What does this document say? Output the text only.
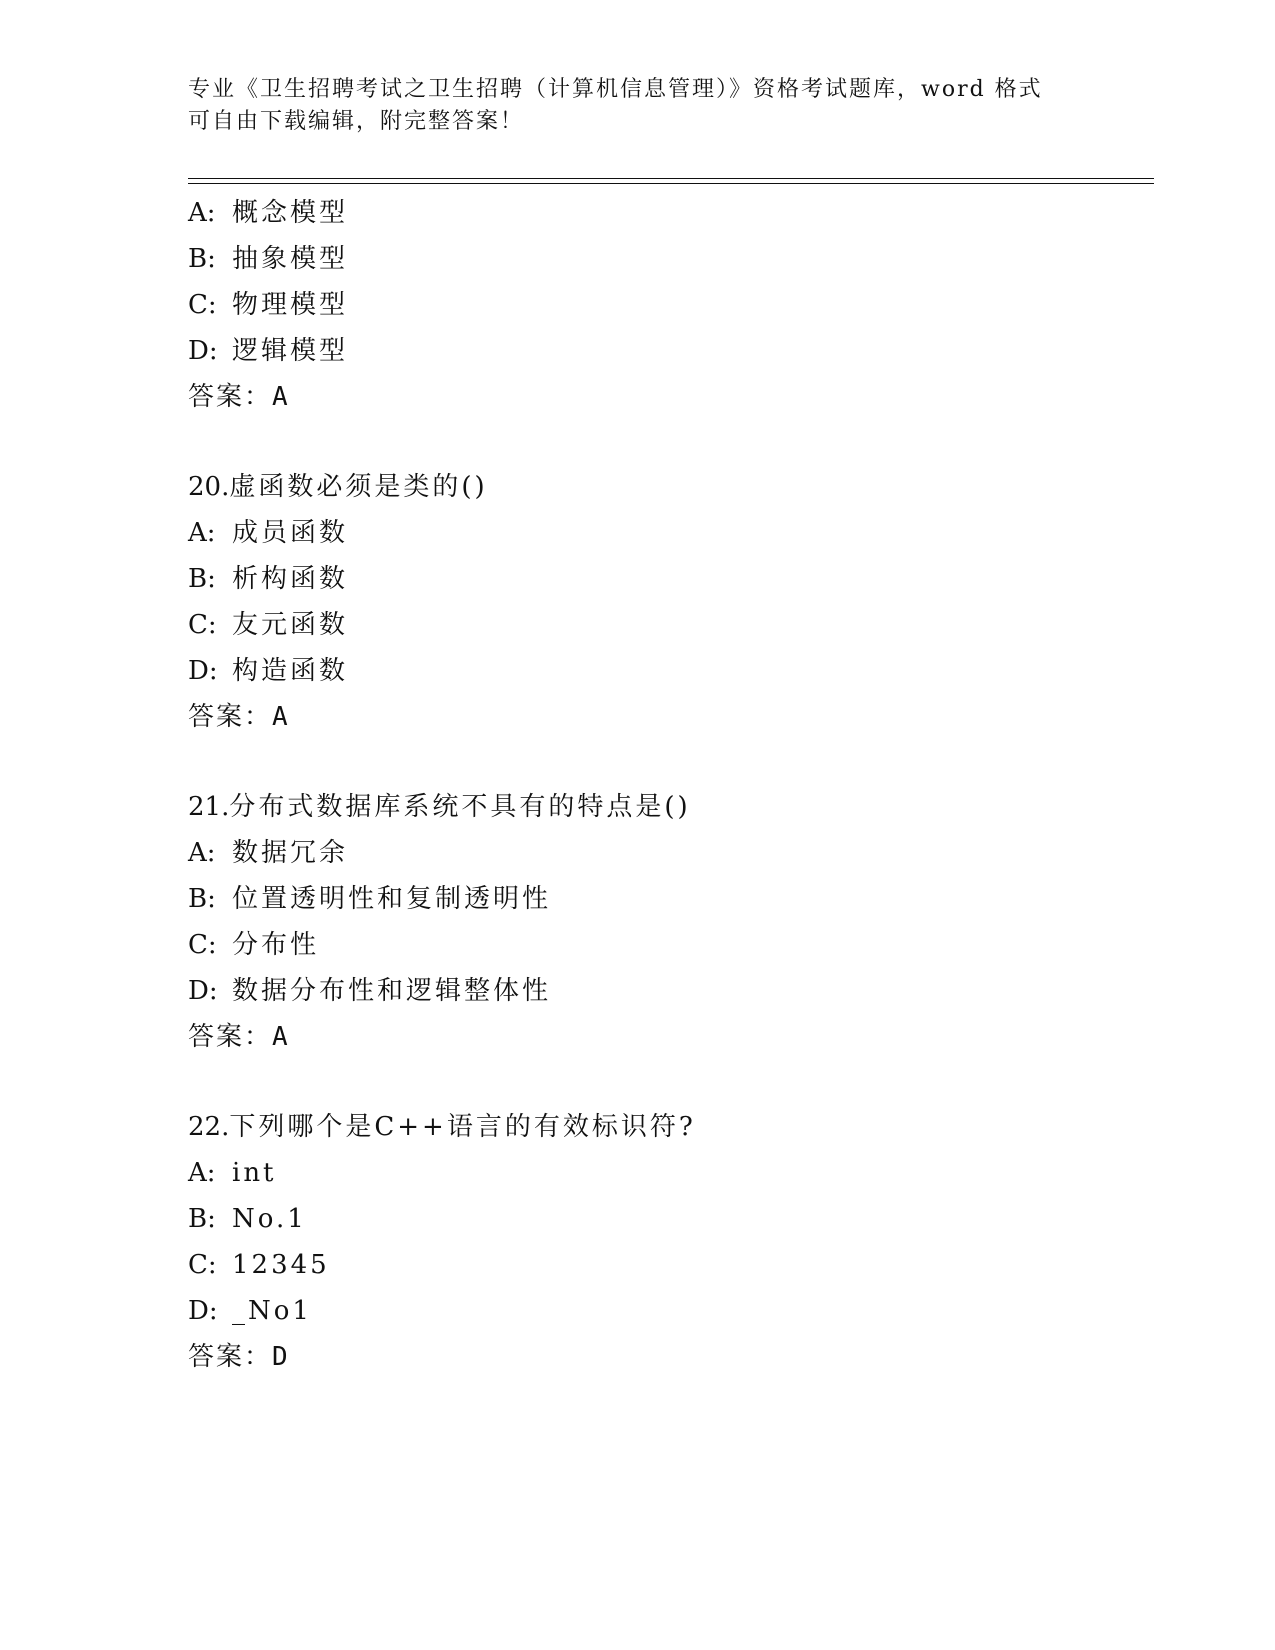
专业《卫生招聘考试之卫生招聘（计算机信息管理）》资格考试题库，word 格式
可自由下载编辑，附完整答案！
A: 概念模型
B: 抽象模型
C: 物理模型
D: 逻辑模型
答案：A
20.虚函数必须是类的()
A: 成员函数
B: 析构函数
C: 友元函数
D: 构造函数
答案：A
21.分布式数据库系统不具有的特点是()
A: 数据冗余
B: 位置透明性和复制透明性
C: 分布性
D: 数据分布性和逻辑整体性
答案：A
22.下列哪个是C++语言的有效标识符?
A: int
B: No.1
C: 12345
D: _No1
答案：D
